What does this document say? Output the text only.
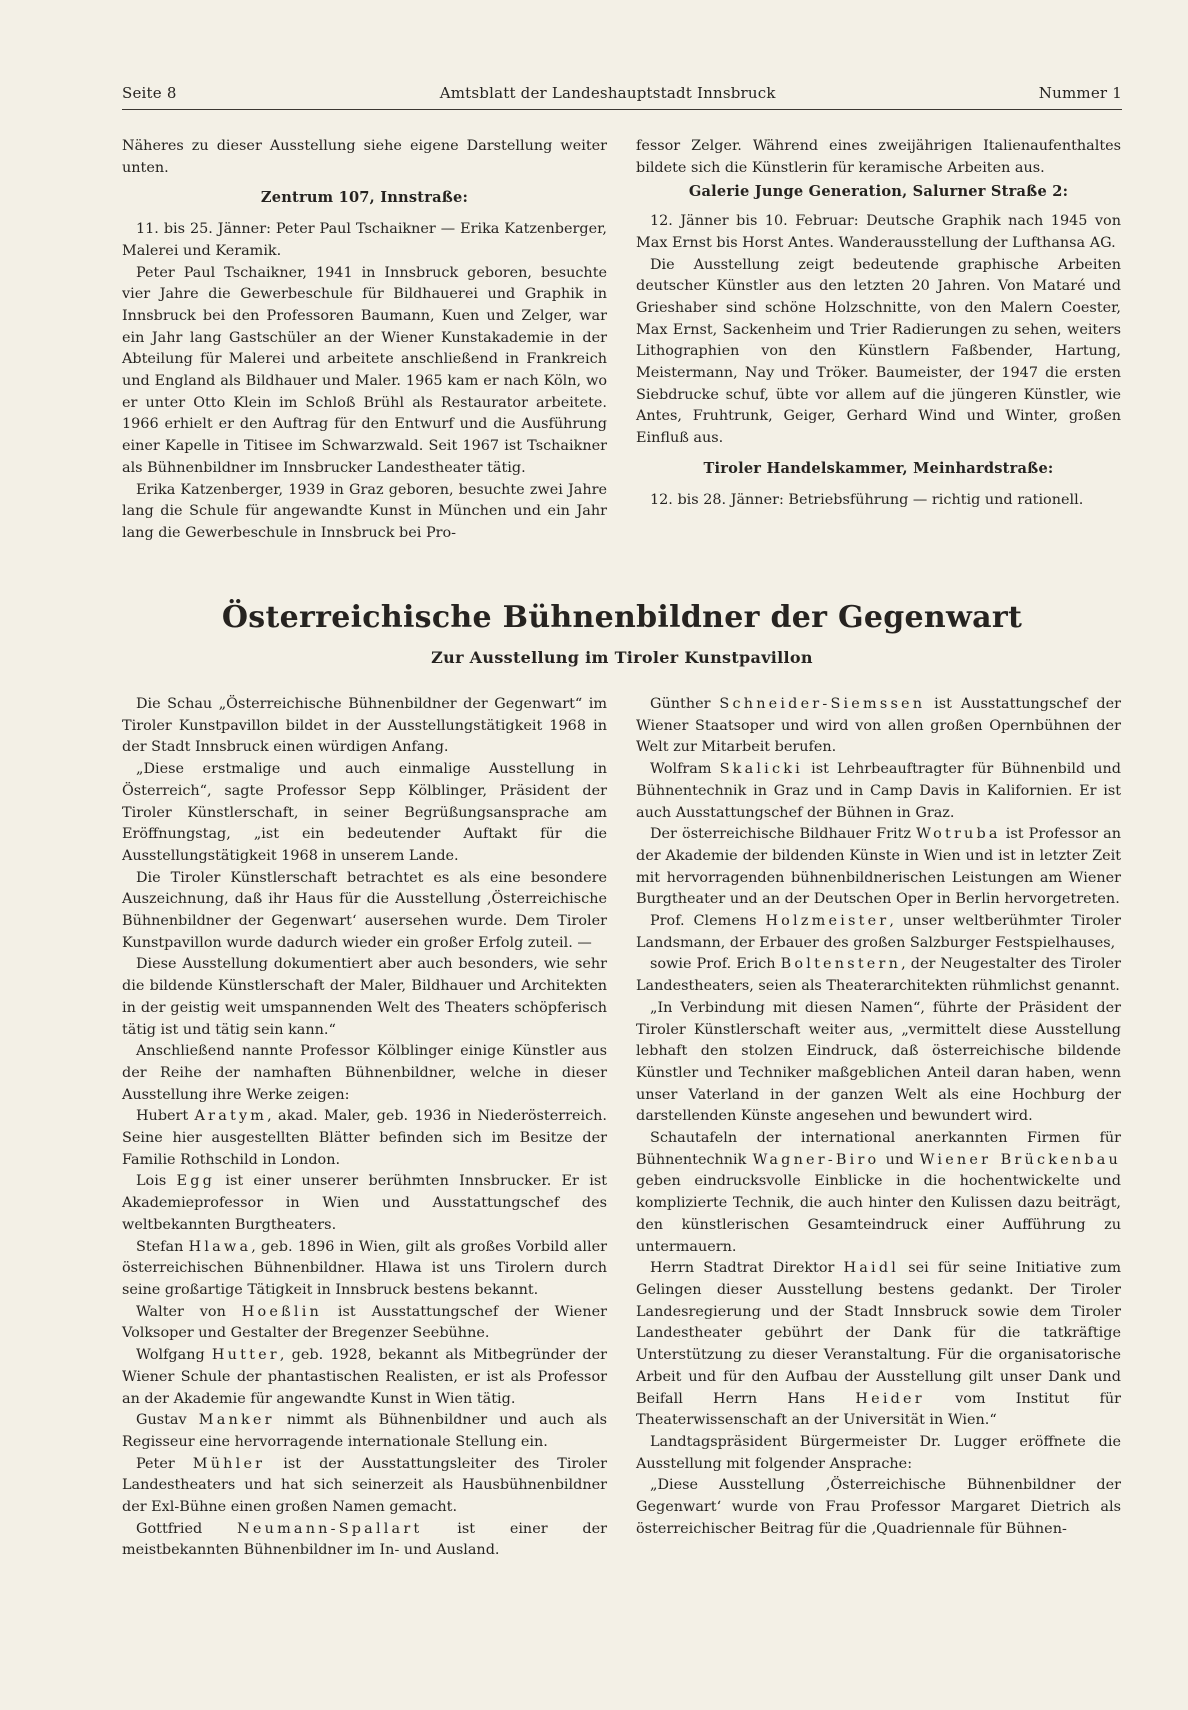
Seite 8	Amtsblatt der Landeshauptstadt Innsbruck	Nummer 1

Näheres zu dieser Ausstellung siehe eigene Darstellung weiter unten.

Zentrum 107, Innstraße:

11. bis 25. Jänner: Peter Paul Tschaikner — Erika Katzenberger, Malerei und Keramik.

Peter Paul Tschaikner, 1941 in Innsbruck geboren, besuchte vier Jahre die Gewerbeschule für Bildhauerei und Graphik in Innsbruck bei den Professoren Baumann, Kuen und Zelger, war ein Jahr lang Gastschüler an der Wiener Kunstakademie in der Abteilung für Malerei und arbeitete anschließend in Frankreich und England als Bildhauer und Maler. 1965 kam er nach Köln, wo er unter Otto Klein im Schloß Brühl als Restaurator arbeitete. 1966 erhielt er den Auftrag für den Entwurf und die Ausführung einer Kapelle in Titisee im Schwarzwald. Seit 1967 ist Tschaikner als Bühnenbildner im Innsbrucker Landestheater tätig.

Erika Katzenberger, 1939 in Graz geboren, besuchte zwei Jahre lang die Schule für angewandte Kunst in München und ein Jahr lang die Gewerbeschule in Innsbruck bei Pro-

fessor Zelger. Während eines zweijährigen Italienaufenthaltes bildete sich die Künstlerin für keramische Arbeiten aus.

Galerie Junge Generation, Salurner Straße 2:

12. Jänner bis 10. Februar: Deutsche Graphik nach 1945 von Max Ernst bis Horst Antes. Wanderausstellung der Lufthansa AG.

Die Ausstellung zeigt bedeutende graphische Arbeiten deutscher Künstler aus den letzten 20 Jahren. Von Mataré und Grieshaber sind schöne Holzschnitte, von den Malern Coester, Max Ernst, Sackenheim und Trier Radierungen zu sehen, weiters Lithographien von den Künstlern Faßbender, Hartung, Meistermann, Nay und Tröker. Baumeister, der 1947 die ersten Siebdrucke schuf, übte vor allem auf die jüngeren Künstler, wie Antes, Fruhtrunk, Geiger, Gerhard Wind und Winter, großen Einfluß aus.

Tiroler Handelskammer, Meinhardstraße:

12. bis 28. Jänner: Betriebsführung — richtig und rationell.

Österreichische Bühnenbildner der Gegenwart
Zur Ausstellung im Tiroler Kunstpavillon

Die Schau „Österreichische Bühnenbildner der Gegenwart“ im Tiroler Kunstpavillon bildet in der Ausstellungstätigkeit 1968 in der Stadt Innsbruck einen würdigen Anfang.

„Diese erstmalige und auch einmalige Ausstellung in Österreich“, sagte Professor Sepp Kölblinger, Präsident der Tiroler Künstlerschaft, in seiner Begrüßungsansprache am Eröffnungstag, „ist ein bedeutender Auftakt für die Ausstellungstätigkeit 1968 in unserem Lande.

Die Tiroler Künstlerschaft betrachtet es als eine besondere Auszeichnung, daß ihr Haus für die Ausstellung ‚Österreichische Bühnenbildner der Gegenwart‘ ausersehen wurde. Dem Tiroler Kunstpavillon wurde dadurch wieder ein großer Erfolg zuteil. —

Diese Ausstellung dokumentiert aber auch besonders, wie sehr die bildende Künstlerschaft der Maler, Bildhauer und Architekten in der geistig weit umspannenden Welt des Theaters schöpferisch tätig ist und tätig sein kann.“

Anschließend nannte Professor Kölblinger einige Künstler aus der Reihe der namhaften Bühnenbildner, welche in dieser Ausstellung ihre Werke zeigen:

Hubert Aratym, akad. Maler, geb. 1936 in Niederösterreich. Seine hier ausgestellten Blätter befinden sich im Besitze der Familie Rothschild in London.

Lois Egg ist einer unserer berühmten Innsbrucker. Er ist Akademieprofessor in Wien und Ausstattungschef des weltbekannten Burgtheaters.

Stefan Hlawa, geb. 1896 in Wien, gilt als großes Vorbild aller österreichischen Bühnenbildner. Hlawa ist uns Tirolern durch seine großartige Tätigkeit in Innsbruck bestens bekannt.

Walter von Hoeßlin ist Ausstattungschef der Wiener Volksoper und Gestalter der Bregenzer Seebühne.

Wolfgang Hutter, geb. 1928, bekannt als Mitbegründer der Wiener Schule der phantastischen Realisten, er ist als Professor an der Akademie für angewandte Kunst in Wien tätig.

Gustav Manker nimmt als Bühnenbildner und auch als Regisseur eine hervorragende internationale Stellung ein.

Peter Mühler ist der Ausstattungsleiter des Tiroler Landestheaters und hat sich seinerzeit als Hausbühnenbildner der Exl-Bühne einen großen Namen gemacht.

Gottfried Neumann-Spallart ist einer der meistbekannten Bühnenbildner im In- und Ausland.

Günther Schneider-Siemssen ist Ausstattungschef der Wiener Staatsoper und wird von allen großen Opernbühnen der Welt zur Mitarbeit berufen.

Wolfram Skalicki ist Lehrbeauftragter für Bühnenbild und Bühnentechnik in Graz und in Camp Davis in Kalifornien. Er ist auch Ausstattungschef der Bühnen in Graz.

Der österreichische Bildhauer Fritz Wotruba ist Professor an der Akademie der bildenden Künste in Wien und ist in letzter Zeit mit hervorragenden bühnenbildnerischen Leistungen am Wiener Burgtheater und an der Deutschen Oper in Berlin hervorgetreten.

Prof. Clemens Holzmeister, unser weltberühmter Tiroler Landsmann, der Erbauer des großen Salzburger Festspielhauses,

sowie Prof. Erich Boltenstern, der Neugestalter des Tiroler Landestheaters, seien als Theaterarchitekten rühmlichst genannt.

„In Verbindung mit diesen Namen“, führte der Präsident der Tiroler Künstlerschaft weiter aus, „vermittelt diese Ausstellung lebhaft den stolzen Eindruck, daß österreichische bildende Künstler und Techniker maßgeblichen Anteil daran haben, wenn unser Vaterland in der ganzen Welt als eine Hochburg der darstellenden Künste angesehen und bewundert wird.

Schautafeln der international anerkannten Firmen für Bühnentechnik Wagner-Biro und Wiener Brückenbau geben eindrucksvolle Einblicke in die hochentwickelte und komplizierte Technik, die auch hinter den Kulissen dazu beiträgt, den künstlerischen Gesamteindruck einer Aufführung zu untermauern.

Herrn Stadtrat Direktor Haidl sei für seine Initiative zum Gelingen dieser Ausstellung bestens gedankt. Der Tiroler Landesregierung und der Stadt Innsbruck sowie dem Tiroler Landestheater gebührt der Dank für die tatkräftige Unterstützung zu dieser Veranstaltung. Für die organisatorische Arbeit und für den Aufbau der Ausstellung gilt unser Dank und Beifall Herrn Hans Heider vom Institut für Theaterwissenschaft an der Universität in Wien.“

Landtagspräsident Bürgermeister Dr. Lugger eröffnete die Ausstellung mit folgender Ansprache:

„Diese Ausstellung ‚Österreichische Bühnenbildner der Gegenwart‘ wurde von Frau Professor Margaret Dietrich als österreichischer Beitrag für die ‚Quadriennale für Bühnen-
